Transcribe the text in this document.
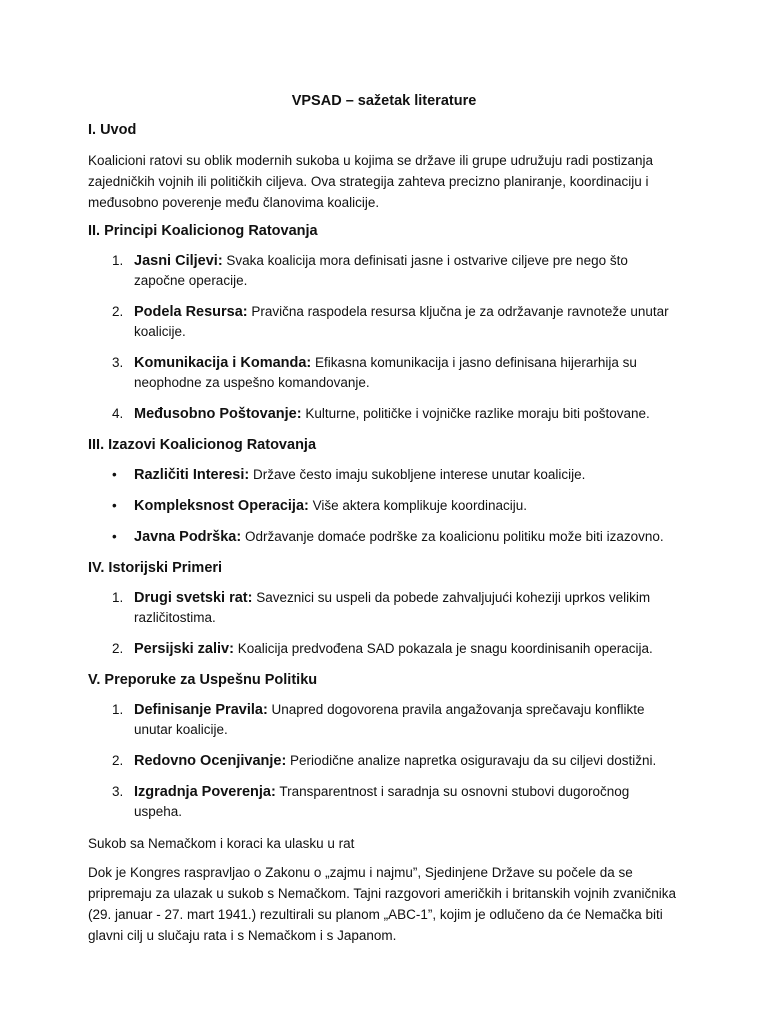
VPSAD – sažetak literature
I. Uvod

Koalicioni ratovi su oblik modernih sukoba u kojima se države ili grupe udružuju radi postizanja zajedničkih vojnih ili političkih ciljeva. Ova strategija zahteva precizno planiranje, koordinaciju i međusobno poverenje među članovima koalicije.

II. Principi Koalicionog Ratovanja
1. Jasni Ciljevi: Svaka koalicija mora definisati jasne i ostvarive ciljeve pre nego što započne operacije.
2. Podela Resursa: Pravična raspodela resursa ključna je za održavanje ravnoteže unutar koalicije.
3. Komunikacija i Komanda: Efikasna komunikacija i jasno definisana hijerarhija su neophodne za uspešno komandovanje.
4. Međusobno Poštovanje: Kulturne, političke i vojničke razlike moraju biti poštovane.
III. Izazovi Koalicionog Ratovanja
•	Različiti Interesi: Države često imaju sukobljene interese unutar koalicije.
•	Kompleksnost Operacija: Više aktera komplikuje koordinaciju.
•	Javna Podrška: Održavanje domaće podrške za koalicionu politiku može biti izazovno.
IV. Istorijski Primeri
1. Drugi svetski rat: Saveznici su uspeli da pobede zahvaljujući koheziji uprkos velikim različitostima.
2. Persijski zaliv: Koalicija predvođena SAD pokazala je snagu koordinisanih operacija.
V. Preporuke za Uspešnu Politiku
1. Definisanje Pravila: Unapred dogovorena pravila angažovanja sprečavaju konflikte unutar koalicije.
2. Redovno Ocenjivanje: Periodične analize napretka osiguravaju da su ciljevi dostižni.
3. Izgradnja Poverenja: Transparentnost i saradnja su osnovni stubovi dugoročnog uspeha.

Sukob sa Nemačkom i koraci ka ulasku u rat

Dok je Kongres raspravljao o Zakonu o „zajmu i najmu”, Sjedinjene Države su počele da se pripremaju za ulazak u sukob s Nemačkom. Tajni razgovori američkih i britanskih vojnih zvaničnika (29. januar - 27. mart 1941.) rezultirali su planom „ABC-1”, kojim je odlučeno da će Nemačka biti glavni cilj u slučaju rata i s Nemačkom i s Japanom.
